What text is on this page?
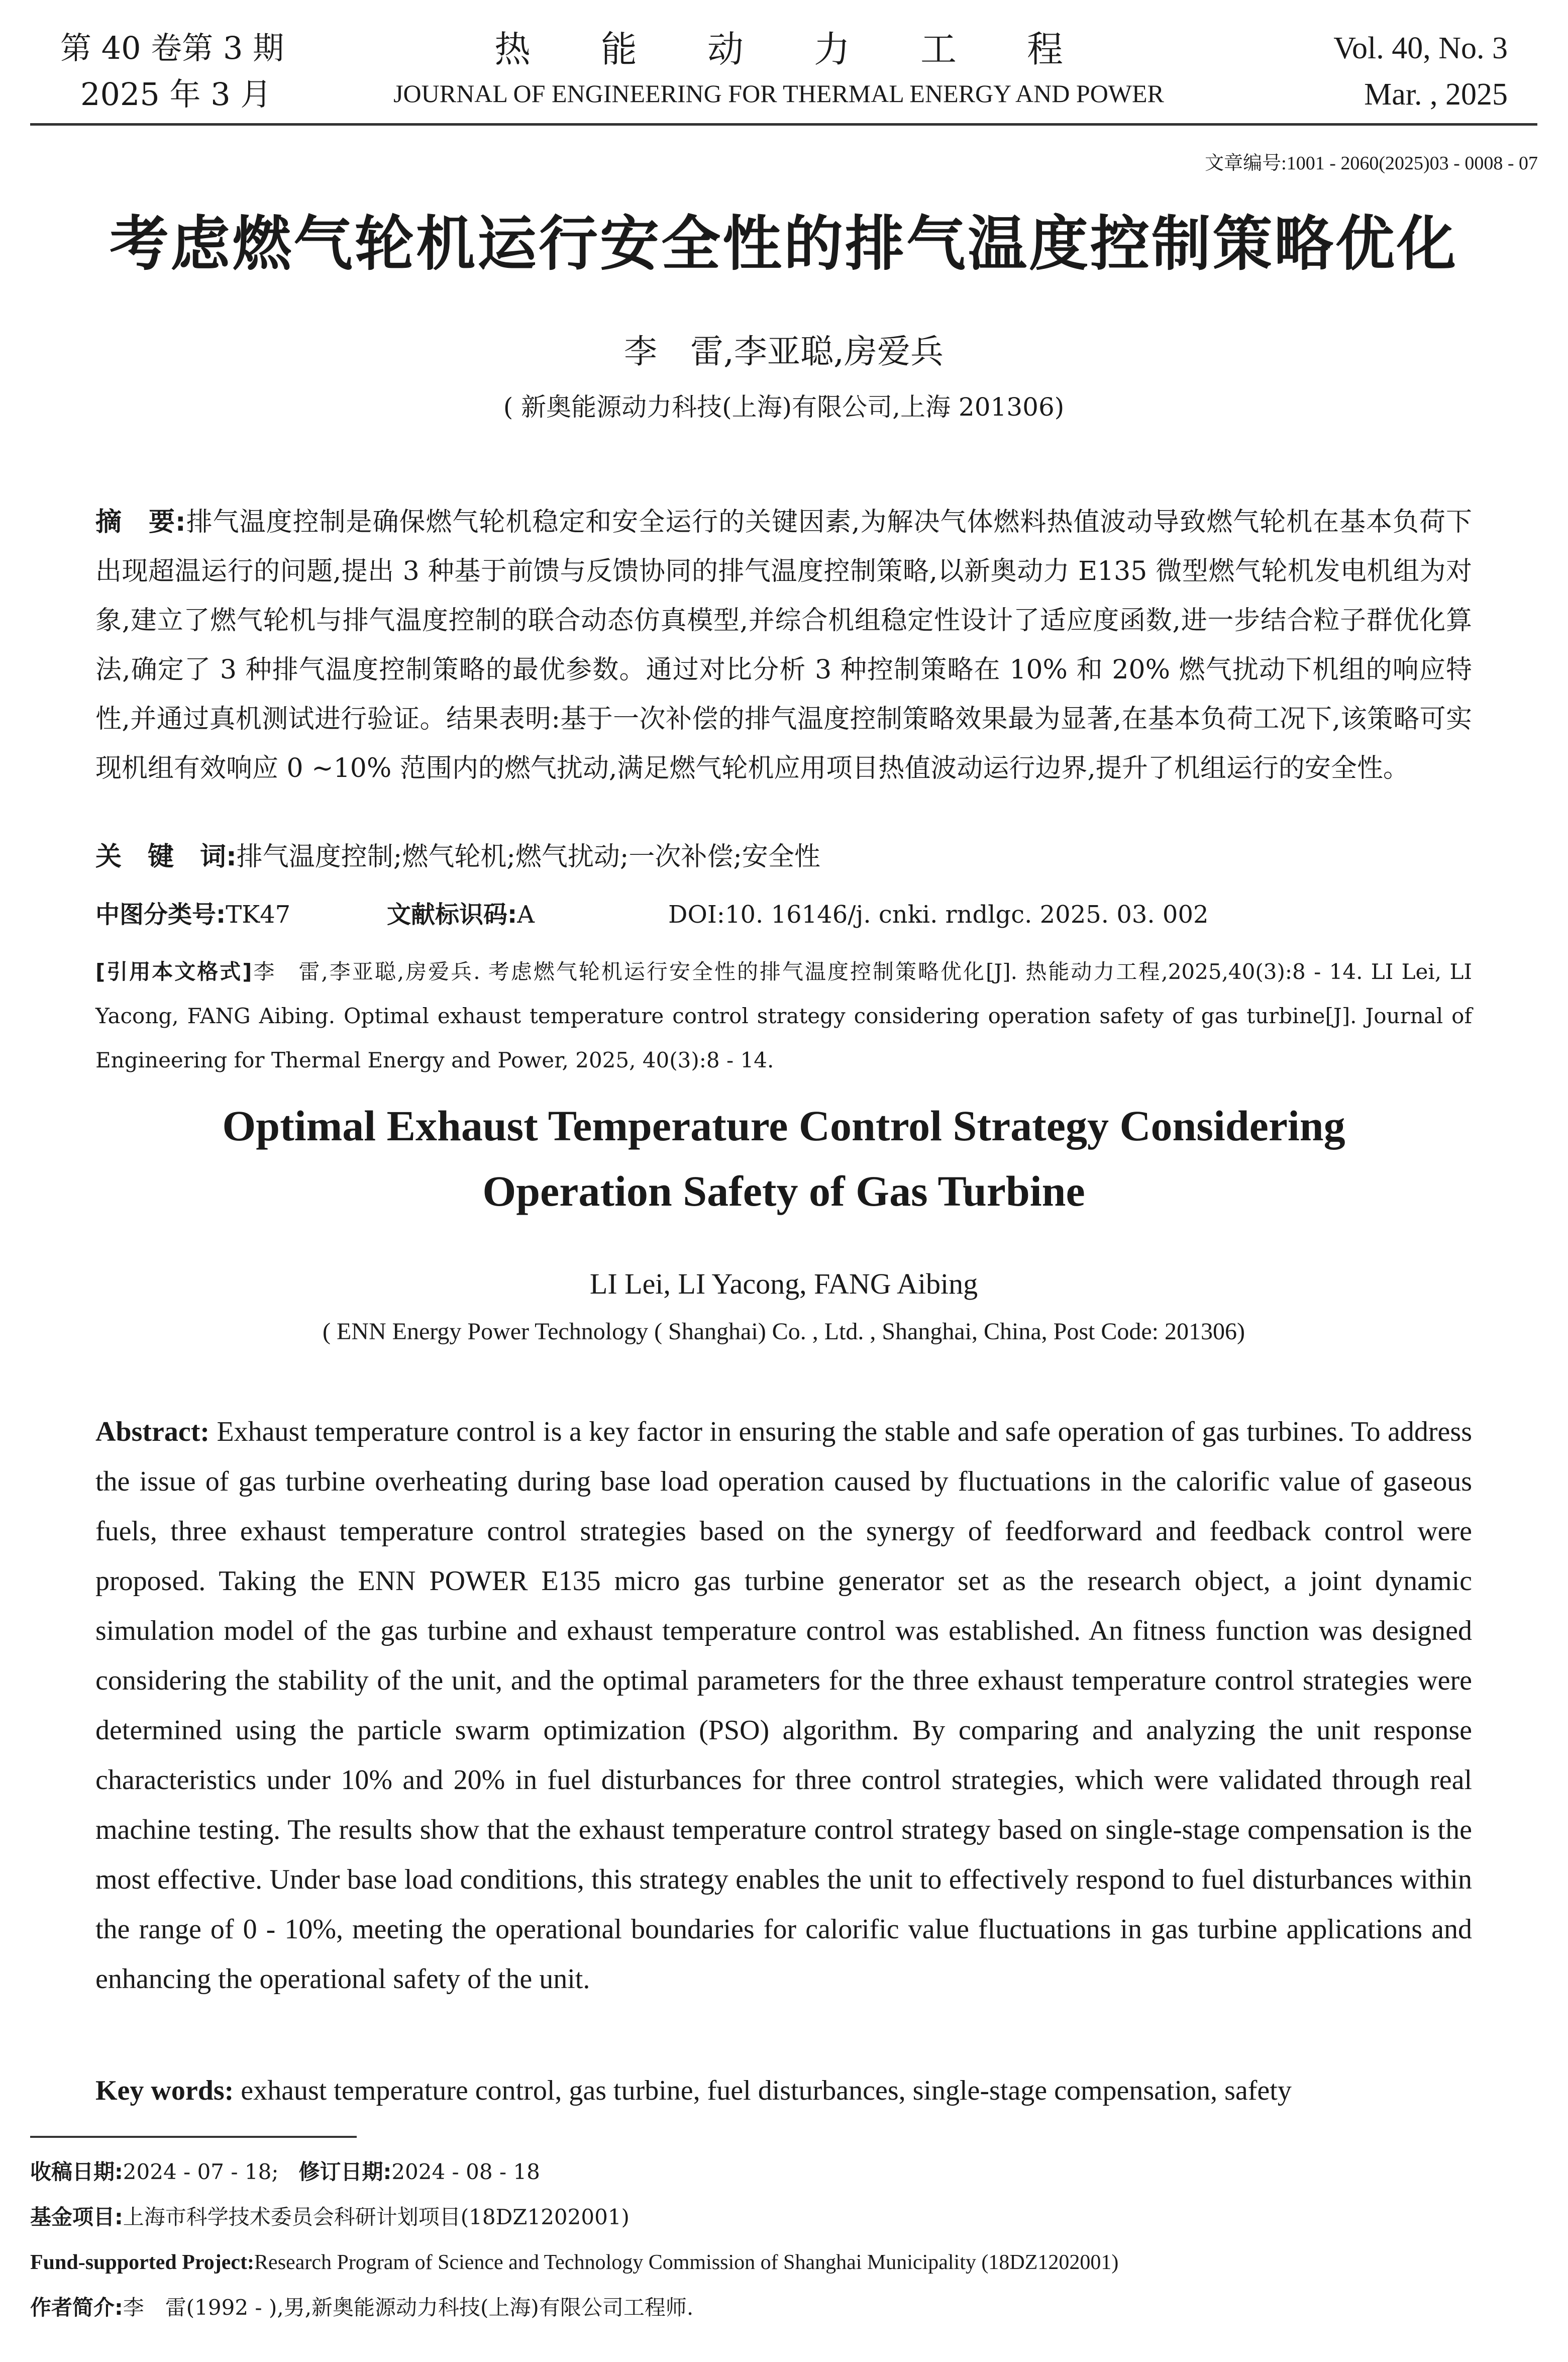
第 40 卷第 3 期
2025 年 3 月
热能动力工程
JOURNAL OF ENGINEERING FOR THERMAL ENERGY AND POWER
Vol. 40, No. 3
Mar. , 2025
文章编号:1001 - 2060(2025)03 - 0008 - 07
考虑燃气轮机运行安全性的排气温度控制策略优化
李　雷,李亚聪,房爱兵
( 新奥能源动力科技(上海)有限公司,上海 201306)
摘　要:排气温度控制是确保燃气轮机稳定和安全运行的关键因素,为解决气体燃料热值波动导致燃气轮机在基本负荷下出现超温运行的问题,提出 3 种基于前馈与反馈协同的排气温度控制策略,以新奥动力 E135 微型燃气轮机发电机组为对象,建立了燃气轮机与排气温度控制的联合动态仿真模型,并综合机组稳定性设计了适应度函数,进一步结合粒子群优化算法,确定了 3 种排气温度控制策略的最优参数。通过对比分析 3 种控制策略在 10% 和 20% 燃气扰动下机组的响应特性,并通过真机测试进行验证。结果表明:基于一次补偿的排气温度控制策略效果最为显著,在基本负荷工况下,该策略可实现机组有效响应 0 ~10% 范围内的燃气扰动,满足燃气轮机应用项目热值波动运行边界,提升了机组运行的安全性。
关　键　词:排气温度控制;燃气轮机;燃气扰动;一次补偿;安全性
中图分类号:TK47	文献标识码:A	DOI:10. 16146/j. cnki. rndlgc. 2025. 03. 002
[引用本文格式]李　雷,李亚聪,房爱兵. 考虑燃气轮机运行安全性的排气温度控制策略优化[J]. 热能动力工程,2025,40(3):8 - 14. LI Lei, LI Yacong, FANG Aibing. Optimal exhaust temperature control strategy considering operation safety of gas turbine[J]. Journal of Engineering for Thermal Energy and Power, 2025, 40(3):8 - 14.
Optimal Exhaust Temperature Control Strategy Considering
Operation Safety of Gas Turbine
LI Lei, LI Yacong, FANG Aibing
( ENN Energy Power Technology ( Shanghai) Co. , Ltd. , Shanghai, China, Post Code: 201306)
Abstract: Exhaust temperature control is a key factor in ensuring the stable and safe operation of gas turbines. To address the issue of gas turbine overheating during base load operation caused by fluctuations in the calorific value of gaseous fuels, three exhaust temperature control strategies based on the synergy of feedforward and feedback control were proposed. Taking the ENN POWER E135 micro gas turbine generator set as the research object, a joint dynamic simulation model of the gas turbine and exhaust temperature control was established. An fitness function was designed considering the stability of the unit, and the optimal parameters for the three exhaust temperature control strategies were determined using the particle swarm optimization (PSO) algorithm. By comparing and analyzing the unit response characteristics under 10% and 20% in fuel disturbances for three control strategies, which were validated through real machine testing. The results show that the exhaust temperature control strategy based on single-stage compensation is the most effective. Under base load conditions, this strategy enables the unit to effectively respond to fuel disturbances within the range of 0 - 10%, meeting the operational boundaries for calorific value fluctuations in gas turbine applications and enhancing the operational safety of the unit.
Key words: exhaust temperature control, gas turbine, fuel disturbances, single-stage compensation, safety
收稿日期:2024 - 07 - 18; 修订日期:2024 - 08 - 18
基金项目:上海市科学技术委员会科研计划项目(18DZ1202001)
Fund-supported Project:Research Program of Science and Technology Commission of Shanghai Municipality (18DZ1202001)
作者简介:李　雷(1992 - ),男,新奥能源动力科技(上海)有限公司工程师.
